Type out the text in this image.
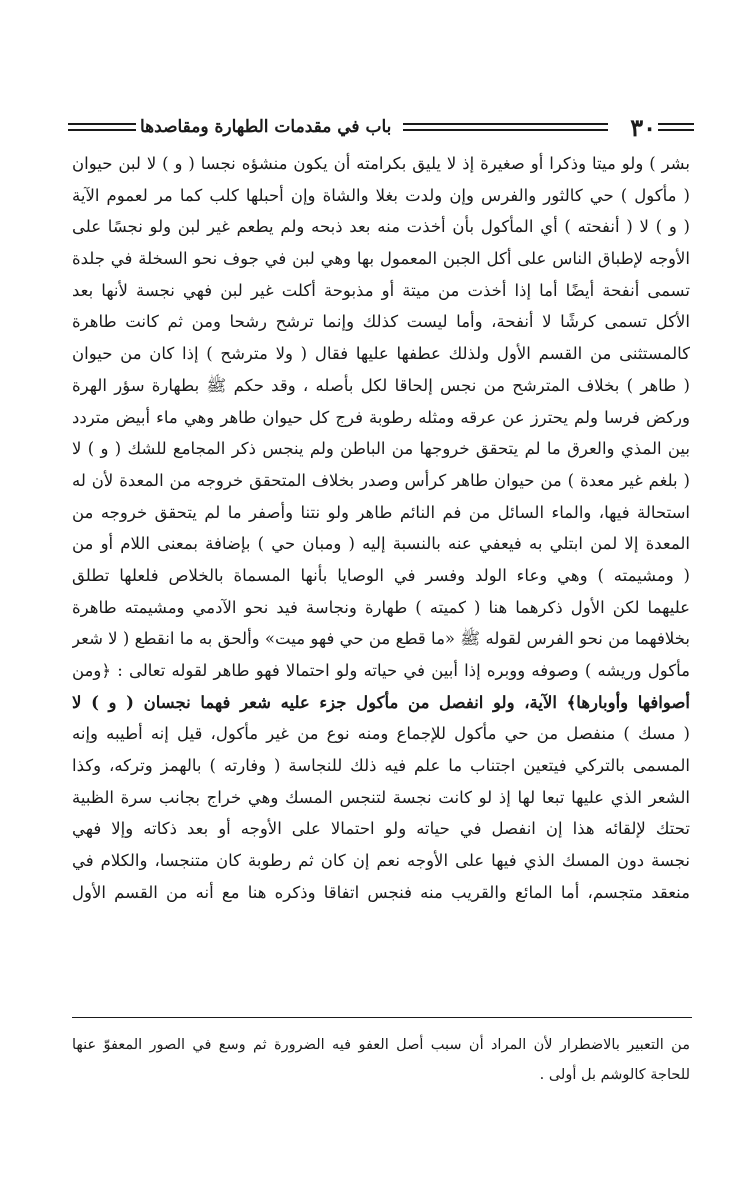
٣٠
باب في مقدمات الطهارة ومقاصدها
بشر ) ولو ميتا وذكرا أو صغيرة إذ لا يليق بكرامته أن يكون منشؤه نجسا ( و ) لا لبن حيوان
( مأكول ) حي كالثور والفرس وإن ولدت بغلا والشاة وإن أحبلها كلب كما مر لعموم الآية
( و ) لا ( أنفحته ) أي المأكول بأن أخذت منه بعد ذبحه ولم يطعم غير لبن ولو نجسًا على
الأوجه لإطباق الناس على أكل الجبن المعمول بها وهي لبن في جوف نحو السخلة في جلدة
تسمى أنفحة أيضًا أما إذا أخذت من ميتة أو مذبوحة أكلت غير لبن فهي نجسة لأنها بعد
الأكل تسمى كرشًا لا أنفحة، وأما ليست كذلك وإنما ترشح رشحا ومن ثم كانت طاهرة
كالمستثنى من القسم الأول ولذلك عطفها عليها فقال ( ولا مترشح ) إذا كان من حيوان
( طاهر ) بخلاف المترشح من نجس إلحاقا لكل بأصله ، وقد حكم ﷺ بطهارة سؤر الهرة
وركض فرسا ولم يحترز عن عرقه ومثله رطوبة فرج كل حيوان طاهر وهي ماء أبيض متردد
بين المذي والعرق ما لم يتحقق خروجها من الباطن ولم ينجس ذكر المجامع للشك ( و ) لا
( بلغم غير معدة ) من حيوان طاهر كرأس وصدر بخلاف المتحقق خروجه من المعدة لأن له
استحالة فيها، والماء السائل من فم النائم طاهر ولو نتنا وأصفر ما لم يتحقق خروجه من
المعدة إلا لمن ابتلي به فيعفي عنه بالنسبة إليه ( ومبان حي ) بإضافة بمعنى اللام أو من
( ومشيمته ) وهي وعاء الولد وفسر في الوصايا بأنها المسماة بالخلاص فلعلها تطلق
عليهما لكن الأول ذكرهما هنا ( كميته ) طهارة ونجاسة فيد نحو الآدمي ومشيمته طاهرة
بخلافهما من نحو الفرس لقوله ﷺ «ما قطع من حي فهو ميت» وألحق به ما انقطع ( لا شعر
مأكول وريشه ) وصوفه ووبره إذا أبين في حياته ولو احتمالا فهو طاهر لقوله تعالى : ﴿ومن
أصوافها وأوبارها﴾ الآية، ولو انفصل من مأكول جزء عليه شعر فهما نجسان ( و ) لا
( مسك ) منفصل من حي مأكول للإجماع ومنه نوع من غير مأكول، قيل إنه أطيبه وإنه
المسمى بالتركي فيتعين اجتناب ما علم فيه ذلك للنجاسة ( وفارته ) بالهمز وتركه، وكذا
الشعر الذي عليها تبعا لها إذ لو كانت نجسة لتنجس المسك وهي خراج بجانب سرة الظبية
تحتك لإلقائه هذا إن انفصل في حياته ولو احتمالا على الأوجه أو بعد ذكاته وإلا فهي
نجسة دون المسك الذي فيها على الأوجه نعم إن كان ثم رطوبة كان متنجسا، والكلام في
منعقد متجسم، أما المائع والقريب منه فنجس اتفاقا وذكره هنا مع أنه من القسم الأول
من التعبير بالاضطرار لأن المراد أن سبب أصل العفو فيه الضرورة ثم وسع في الصور المعفوّ عنها
للحاجة كالوشم بل أولى .
